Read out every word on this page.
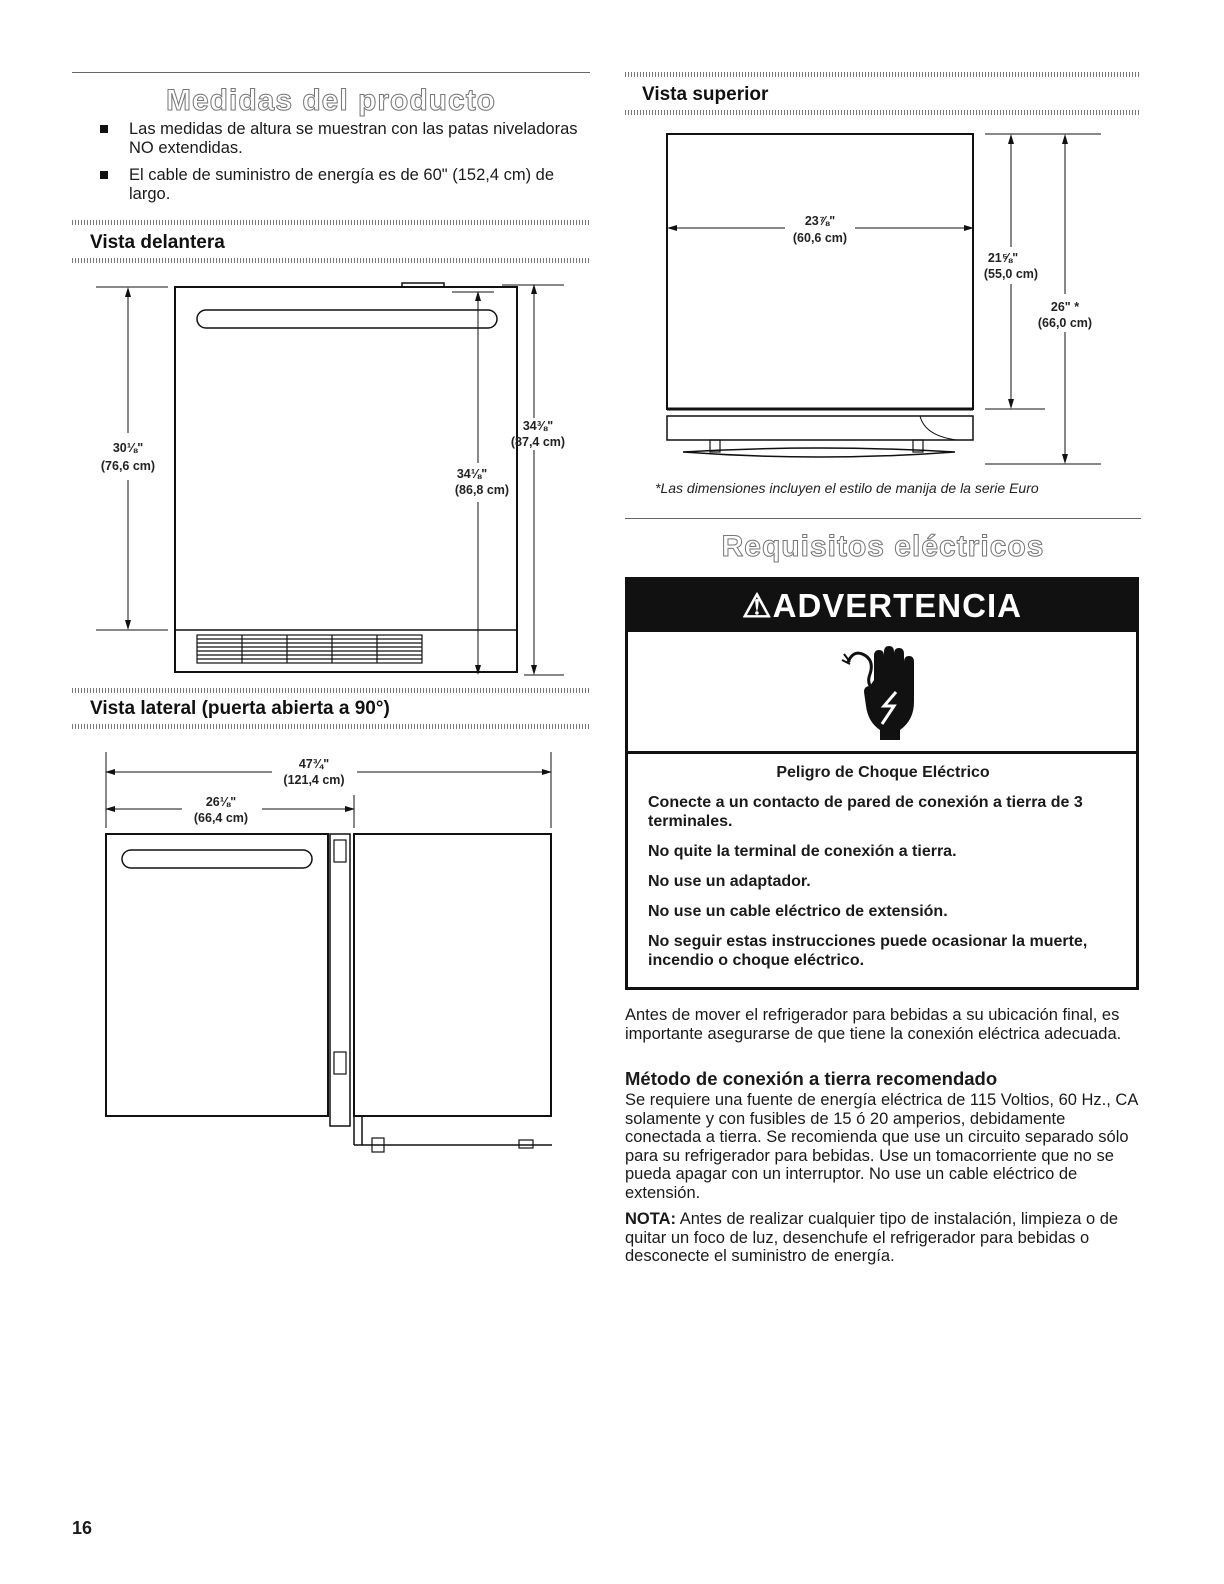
Medidas del producto
Las medidas de altura se muestran con las patas niveladoras NO extendidas.
El cable de suministro de energía es de 60" (152,4 cm) de largo.
Vista delantera
30⅛"
(76,6 cm)
34⅛"
(86,8 cm)
34⅜"
(87,4 cm)
Vista lateral (puerta abierta a 90°)
47¾"
(121,4 cm)
26⅛"
(66,4 cm)
Vista superior
23⅞"
(60,6 cm)
21⅝"
(55,0 cm)
26" *
(66,0 cm)
*Las dimensiones incluyen el estilo de manija de la serie Euro
Requisitos eléctricos
⚠ADVERTENCIA

Peligro de Choque Eléctrico

Conecte a un contacto de pared de conexión a tierra de 3 terminales.

No quite la terminal de conexión a tierra.

No use un adaptador.

No use un cable eléctrico de extensión.

No seguir estas instrucciones puede ocasionar la muerte, incendio o choque eléctrico.

Antes de mover el refrigerador para bebidas a su ubicación final, es importante asegurarse de que tiene la conexión eléctrica adecuada.
Método de conexión a tierra recomendado
Se requiere una fuente de energía eléctrica de 115 Voltios, 60 Hz., CA solamente y con fusibles de 15 ó 20 amperios, debidamente conectada a tierra. Se recomienda que use un circuito separado sólo para su refrigerador para bebidas. Use un tomacorriente que no se pueda apagar con un interruptor. No use un cable eléctrico de extensión.
NOTA: Antes de realizar cualquier tipo de instalación, limpieza o de quitar un foco de luz, desenchufe el refrigerador para bebidas o desconecte el suministro de energía.
16
